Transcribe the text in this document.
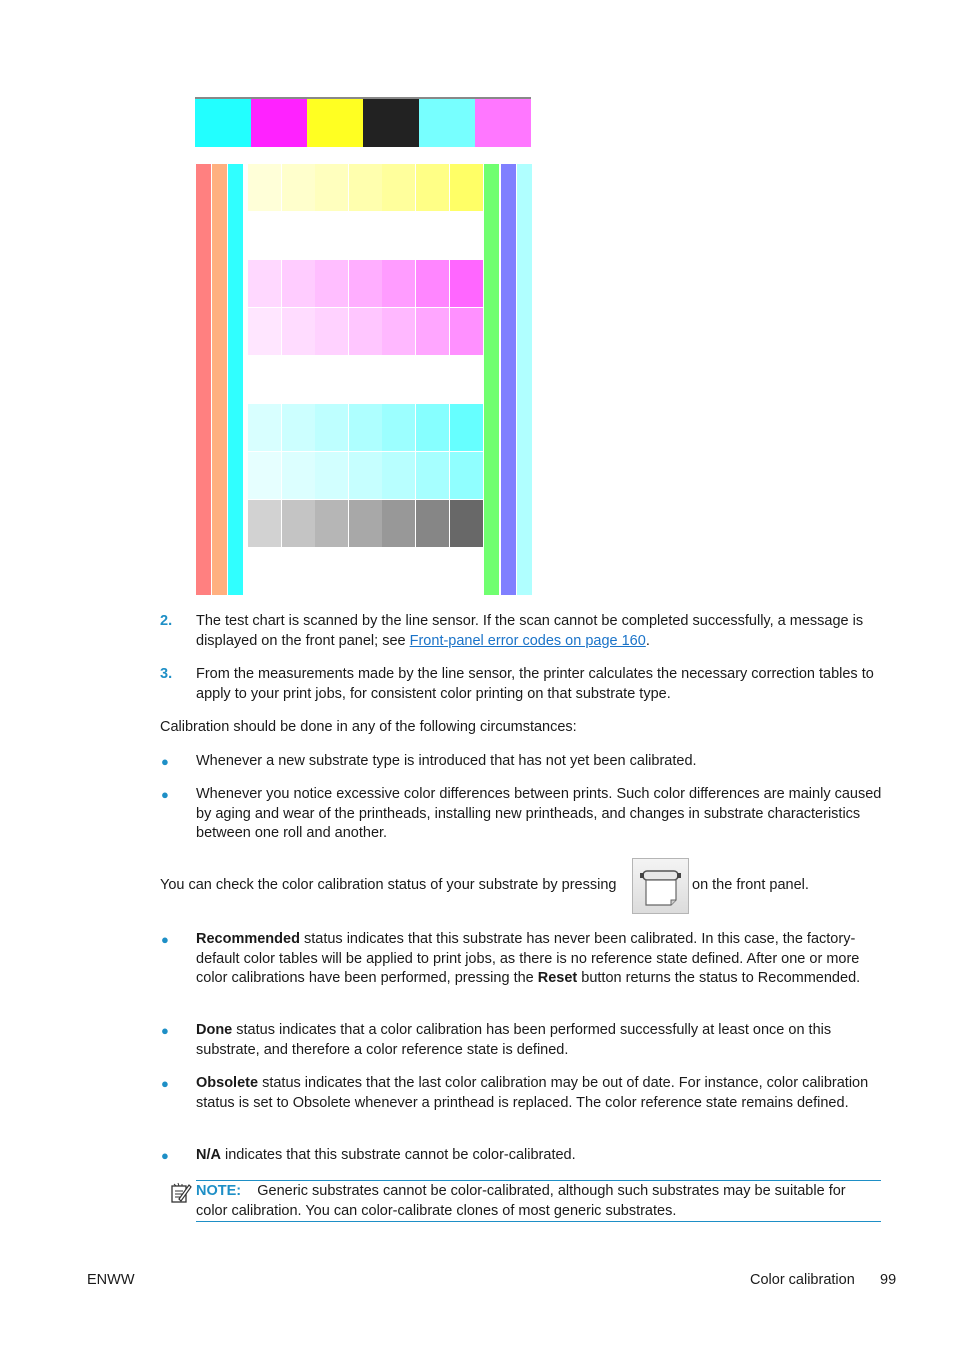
2. The test chart is scanned by the line sensor. If the scan cannot be completed successfully, a message is displayed on the front panel; see Front-panel error codes on page 160.
3. From the measurements made by the line sensor, the printer calculates the necessary correction tables to apply to your print jobs, for consistent color printing on that substrate type.
Calibration should be done in any of the following circumstances:
● Whenever a new substrate type is introduced that has not yet been calibrated.
● Whenever you notice excessive color differences between prints. Such color differences are mainly caused by aging and wear of the printheads, installing new printheads, and changes in substrate characteristics between one roll and another.
You can check the color calibration status of your substrate by pressing	on the front panel.
● Recommended status indicates that this substrate has never been calibrated. In this case, the factory-default color tables will be applied to print jobs, as there is no reference state defined. After one or more color calibrations have been performed, pressing the Reset button returns the status to Recommended.
● Done status indicates that a color calibration has been performed successfully at least once on this substrate, and therefore a color reference state is defined.
● Obsolete status indicates that the last color calibration may be out of date. For instance, color calibration status is set to Obsolete whenever a printhead is replaced. The color reference state remains defined.
● N/A indicates that this substrate cannot be color-calibrated.
NOTE: Generic substrates cannot be color-calibrated, although such substrates may be suitable for color calibration. You can color-calibrate clones of most generic substrates.
ENWW	Color calibration 99
